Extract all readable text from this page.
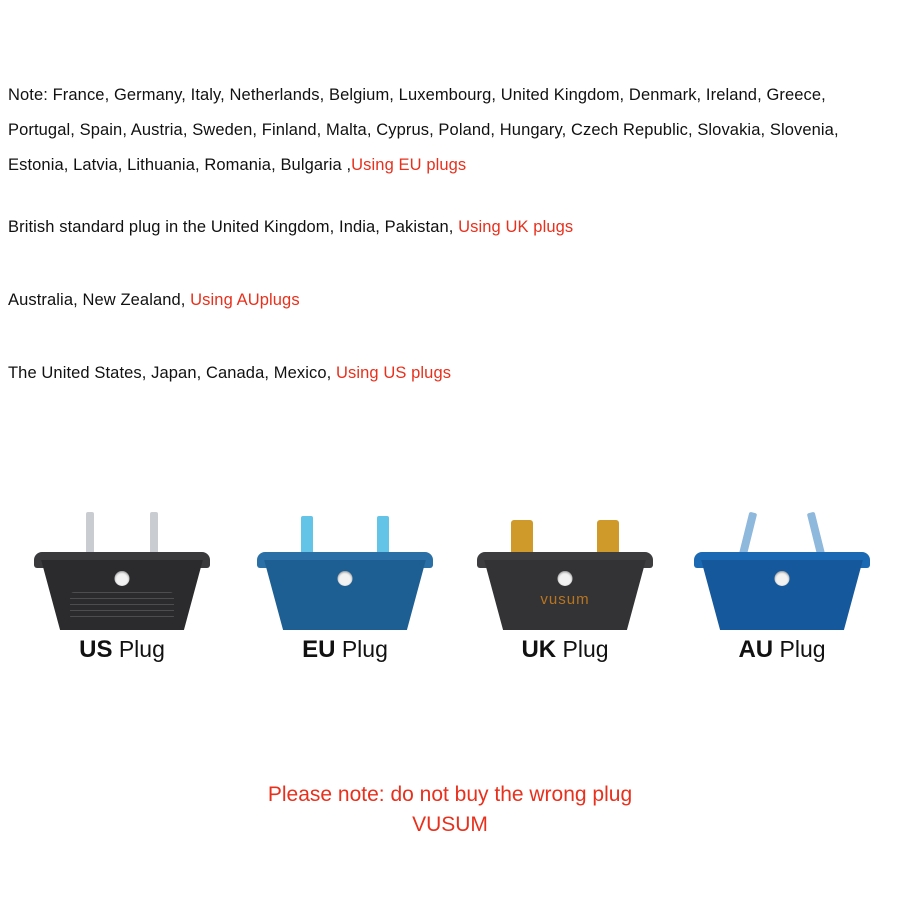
Note: France, Germany, Italy, Netherlands, Belgium, Luxembourg, United Kingdom, Denmark, Ireland, Greece, Portugal, Spain, Austria, Sweden, Finland, Malta, Cyprus, Poland, Hungary, Czech Republic, Slovakia, Slovenia, Estonia, Latvia, Lithuania, Romania, Bulgaria ,Using EU plugs

British standard plug in the United Kingdom, India, Pakistan, Using UK plugs

Australia, New Zealand, Using AUplugs

The United States, Japan, Canada, Mexico, Using US plugs

US Plug	EU Plug
vusum
UK Plug	AU Plug
Please note: do not buy the wrong plug
VUSUM
